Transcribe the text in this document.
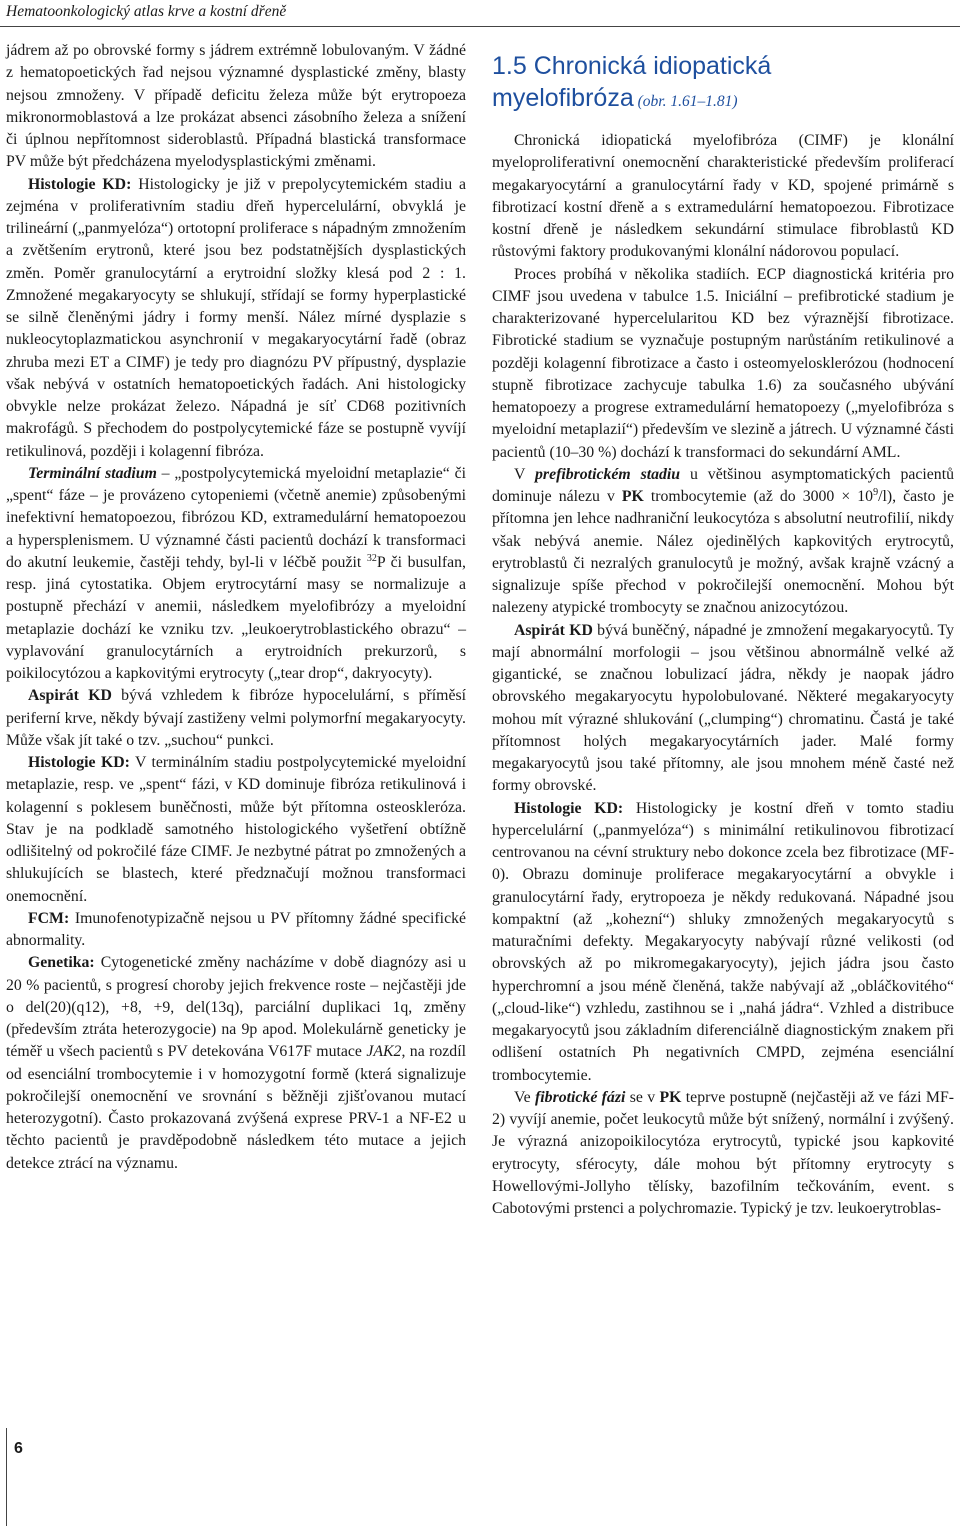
Hematoonkologický atlas krve a kostní dřeně

jádrem až po obrovské formy s jádrem extrémně lobulovaným. V žádné z hematopoetických řad nejsou významné dysplastické změny, blasty nejsou zmnoženy. V případě deficitu železa může být erytropoeza mikronormoblastová a lze prokázat absenci zásobního železa a snížení či úplnou nepřítomnost sideroblastů. Případná blastická transformace PV může být předcházena myelodysplastickými změnami.

Histologie KD: Histologicky je již v prepolycytemickém stadiu a zejména v proliferativním stadiu dřeň hypercelulární, obvyklá je trilineární („panmyelóza“) ortotopní proliferace s nápadným zmnožením a zvětšením erytronů, které jsou bez podstatnějších dysplastických změn. Poměr granulocytární a erytroidní složky klesá pod 2 : 1. Zmnožené megakaryocyty se shlukují, střídají se formy hyperplastické se silně členěnými jádry i formy menší. Nález mírné dysplazie s nukleocytoplazmatickou asynchronií v megakaryocytární řadě (obraz zhruba mezi ET a CIMF) je tedy pro diagnózu PV přípustný, dysplazie však nebývá v ostatních hematopoetických řadách. Ani histologicky obvykle nelze prokázat železo. Nápadná je síť CD68 pozitivních makrofágů. S přechodem do postpolycytemické fáze se postupně vyvíjí retikulinová, později i kolagenní fibróza.

Terminální stadium – „postpolycytemická myeloidní metaplazie“ či „spent“ fáze – je provázeno cytopeniemi (včetně anemie) způsobenými inefektivní hematopoezou, fibrózou KD, extramedulární hematopoezou a hypersplenismem. U významné části pacientů dochází k transformaci do akutní leukemie, častěji tehdy, byl-li v léčbě použit $^{32}$P či busulfan, resp. jiná cytostatika. Objem erytrocytární masy se normalizuje a postupně přechází v anemii, následkem myelofibrózy a myeloidní metaplazie dochází ke vzniku tzv. „leukoerytroblastického obrazu“ – vyplavování granulocytárních a erytroidních prekurzorů, s poikilocytózou a kapkovitými erytrocyty („tear drop“, dakryocyty).

Aspirát KD bývá vzhledem k fibróze hypocelulární, s příměsí periferní krve, někdy bývají zastiženy velmi polymorfní megakaryocyty. Může však jít také o tzv. „suchou“ punkci.

Histologie KD: V terminálním stadiu postpolycytemické myeloidní metaplazie, resp. ve „spent“ fázi, v KD dominuje fibróza retikulinová i kolagenní s poklesem buněčnosti, může být přítomna osteoskleróza. Stav je na podkladě samotného histologického vyšetření obtížně odlišitelný od pokročilé fáze CIMF. Je nezbytné pátrat po zmnožených a shlukujících se blastech, které předznačují možnou transformaci onemocnění.

FCM: Imunofenotypizačně nejsou u PV přítomny žádné specifické abnormality.

Genetika: Cytogenetické změny nacházíme v době diagnózy asi u 20 % pacientů, s progresí choroby jejich frekvence roste – nejčastěji jde o del(20)(q12), +8, +9, del(13q), parciální duplikaci 1q, změny (především ztráta heterozygocie) na 9p apod. Molekulárně geneticky je téměř u všech pacientů s PV detekována V617F mutace JAK2, na rozdíl od esenciální trombocytemie i v homozygotní formě (která signalizuje pokročilejší onemocnění ve srovnání s běžněji zjišťovanou mutací heterozygotní). Často prokazovaná zvýšená exprese PRV-1 a NF-E2 u těchto pacientů je pravděpodobně následkem této mutace a jejich detekce ztrácí na významu.

1.5 Chronická idiopatická
myelofibróza (obr. 1.61–1.81)

Chronická idiopatická myelofibróza (CIMF) je klonální myeloproliferativní onemocnění charakteristické především proliferací megakaryocytární a granulocytární řady v KD, spojené primárně s fibrotizací kostní dřeně a s extramedulární hematopoezou. Fibrotizace kostní dřeně je následkem sekundární stimulace fibroblastů KD růstovými faktory produkovanými klonální nádorovou populací.

Proces probíhá v několika stadiích. ECP diagnostická kritéria pro CIMF jsou uvedena v tabulce 1.5. Iniciální – prefibrotické stadium je charakterizované hypercelularitou KD bez výraznější fibrotizace. Fibrotické stadium se vyznačuje postupným narůstáním retikulinové a později kolagenní fibrotizace a často i osteomyelosklerózou (hodnocení stupně fibrotizace zachycuje tabulka 1.6) za současného ubývání hematopoezy a progrese extramedulární hematopoezy („myelofibróza s myeloidní metaplazií“) především ve slezině a játrech. U významné části pacientů (10–30 %) dochází k transformaci do sekundární AML.

V prefibrotickém stadiu u většinou asymptomatických pacientů dominuje nálezu v PK trombocytemie (až do $3000 \times 10^9/l$), často je přítomna jen lehce nadhraniční leukocytóza s absolutní neutrofilií, nikdy však nebývá anemie. Nález ojedinělých kapkovitých erytrocytů, erytroblastů či nezralých granulocytů je možný, avšak krajně vzácný a signalizuje spíše přechod v pokročilejší onemocnění. Mohou být nalezeny atypické trombocyty se značnou anizocytózou.

Aspirát KD bývá buněčný, nápadné je zmnožení megakaryocytů. Ty mají abnormální morfologii – jsou většinou abnormálně velké až gigantické, se značnou lobulizací jádra, někdy je naopak jádro obrovského megakaryocytu hypolobulované. Některé megakaryocyty mohou mít výrazné shlukování („clumping“) chromatinu. Častá je také přítomnost holých megakaryocytárních jader. Malé formy megakaryocytů jsou také přítomny, ale jsou mnohem méně časté než formy obrovské.

Histologie KD: Histologicky je kostní dřeň v tomto stadiu hypercelulární („panmyelóza“) s minimální retikulinovou fibrotizací centrovanou na cévní struktury nebo dokonce zcela bez fibrotizace (MF-0). Obrazu dominuje proliferace megakaryocytární a obvykle i granulocytární řady, erytropoeza je někdy redukovaná. Nápadné jsou kompaktní (až „kohezní“) shluky zmnožených megakaryocytů s maturačními defekty. Megakaryocyty nabývají různé velikosti (od obrovských až po mikromegakaryocyty), jejich jádra jsou často hyperchromní a jsou méně členěná, takže nabývají až „obláčkovitého“ („cloud-like“) vzhledu, zastihnou se i „nahá jádra“. Vzhled a distribuce megakaryocytů jsou základním diferenciálně diagnostickým znakem při odlišení ostatních Ph negativních CMPD, zejména esenciální trombocytemie.

Ve fibrotické fázi se v PK teprve postupně (nejčastěji až ve fázi MF-2) vyvíjí anemie, počet leukocytů může být snížený, normální i zvýšený. Je výrazná anizopoikilocytóza erytrocytů, typické jsou kapkovité erytrocyty, sférocyty, dále mohou být přítomny erytrocyty s Howellovými-Jollyho tělísky, bazofilním tečkováním, event. s Cabotovými prstenci a polychromazie. Typický je tzv. leukoerytroblas-

6
